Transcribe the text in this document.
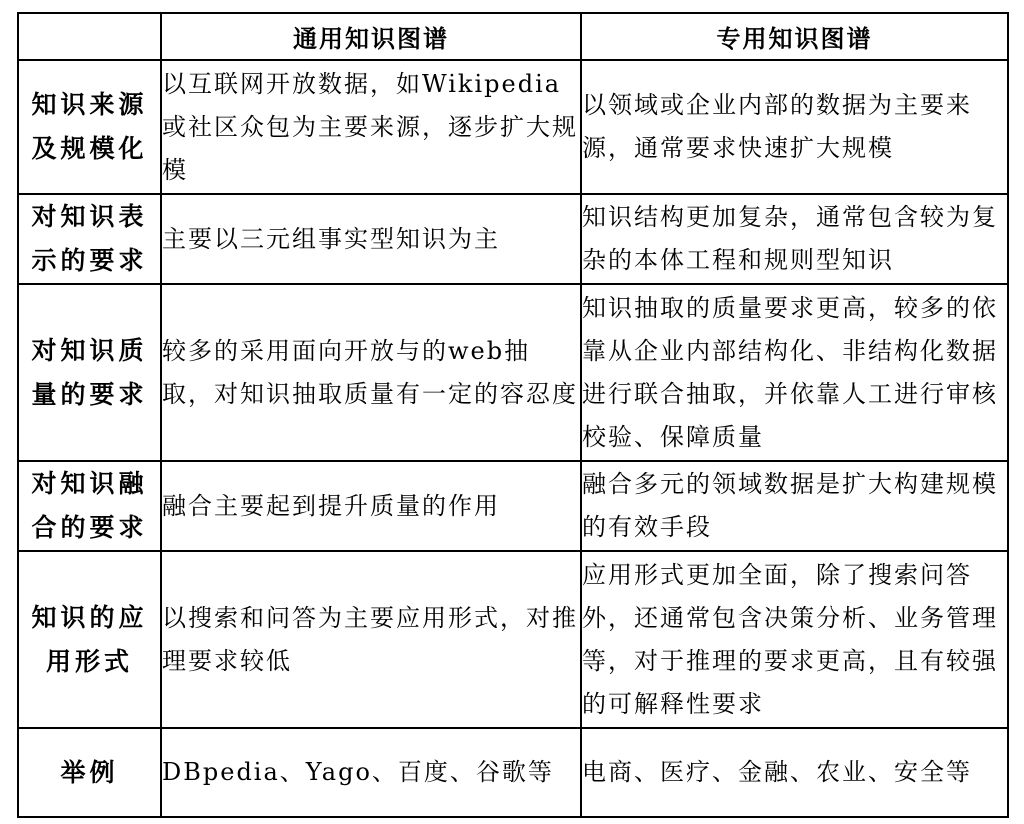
	通用知识图谱	专用知识图谱

知识来源
及规模化	以互联网开放数据，如Wikipedia或社区众包为主要来源，逐步扩大规模	以领域或企业内部的数据为主要来源，通常要求快速扩大规模

对知识表
示的要求	主要以三元组事实型知识为主	知识结构更加复杂，通常包含较为复杂的本体工程和规则型知识

对知识质
量的要求	较多的采用面向开放与的web抽取，对知识抽取质量有一定的容忍度	知识抽取的质量要求更高，较多的依靠从企业内部结构化、非结构化数据进行联合抽取，并依靠人工进行审核校验、保障质量

对知识融
合的要求	融合主要起到提升质量的作用	融合多元的领域数据是扩大构建规模的有效手段

知识的应
用形式	以搜索和问答为主要应用形式，对推理要求较低	应用形式更加全面，除了搜索问答外，还通常包含决策分析、业务管理等，对于推理的要求更高，且有较强的可解释性要求

举例	DBpedia、Yago、百度、谷歌等	电商、医疗、金融、农业、安全等
